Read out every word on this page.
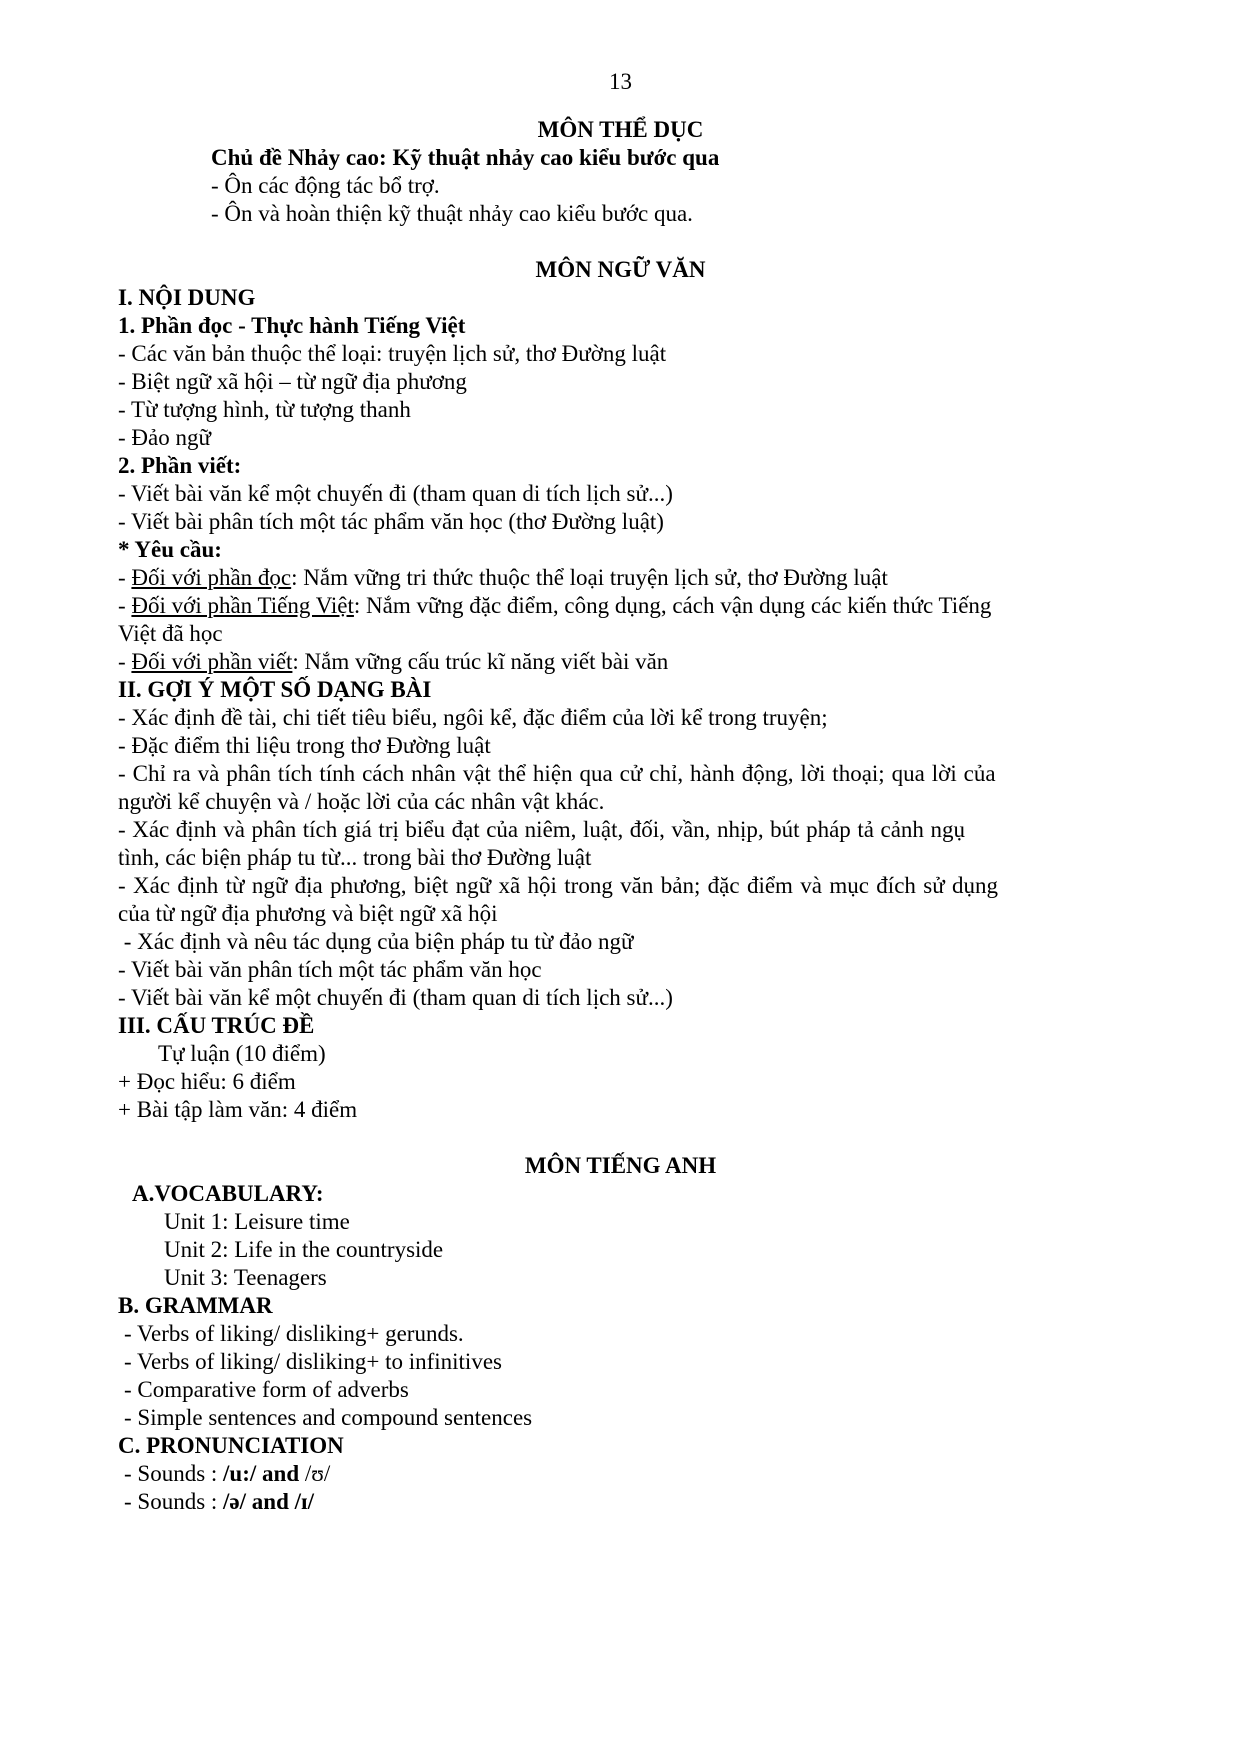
13
MÔN THỂ DỤC
Chủ đề Nhảy cao: Kỹ thuật nhảy cao kiểu bước qua
- Ôn các động tác bổ trợ.
- Ôn và hoàn thiện kỹ thuật nhảy cao kiểu bước qua.
MÔN NGỮ VĂN
I. NỘI DUNG
1. Phần đọc - Thực hành Tiếng Việt
- Các văn bản thuộc thể loại: truyện lịch sử, thơ Đường luật
- Biệt ngữ xã hội – từ ngữ địa phương
- Từ tượng hình, từ tượng thanh
- Đảo ngữ
2. Phần viết:
- Viết bài văn kể một chuyến đi (tham quan di tích lịch sử...)
- Viết bài phân tích một tác phẩm văn học (thơ Đường luật)
* Yêu cầu:
- Đối với phần đọc: Nắm vững tri thức thuộc thể loại truyện lịch sử, thơ Đường luật
- Đối với phần Tiếng Việt: Nắm vững đặc điểm, công dụng, cách vận dụng các kiến thức Tiếng
Việt đã học
- Đối với phần viết: Nắm vững cấu trúc kĩ năng viết bài văn
II. GỢI Ý MỘT SỐ DẠNG BÀI
- Xác định đề tài, chi tiết tiêu biểu, ngôi kể, đặc điểm của lời kể trong truyện;
- Đặc điểm thi liệu trong thơ Đường luật
- Chỉ ra và phân tích tính cách nhân vật thể hiện qua cử chỉ, hành động, lời thoại; qua lời của
người kể chuyện và / hoặc lời của các nhân vật khác.
- Xác định và phân tích giá trị biểu đạt của niêm, luật, đối, vần, nhịp, bút pháp tả cảnh ngụ
tình, các biện pháp tu từ... trong bài thơ Đường luật
- Xác định từ ngữ địa phương, biệt ngữ xã hội trong văn bản; đặc điểm và mục đích sử dụng
của từ ngữ địa phương và biệt ngữ xã hội
- Xác định và nêu tác dụng của biện pháp tu từ đảo ngữ
- Viết bài văn phân tích một tác phẩm văn học
- Viết bài văn kể một chuyến đi (tham quan di tích lịch sử...)
III. CẤU TRÚC ĐỀ
Tự luận (10 điểm)
+ Đọc hiểu: 6 điểm
+ Bài tập làm văn: 4 điểm
MÔN TIẾNG ANH
A.VOCABULARY:
Unit 1: Leisure time
Unit 2: Life in the countryside
Unit 3: Teenagers
B. GRAMMAR
- Verbs of liking/ disliking+ gerunds.
- Verbs of liking/ disliking+ to infinitives
- Comparative form of adverbs
- Simple sentences and compound sentences
C. PRONUNCIATION
- Sounds : /u:/ and /ʊ/
- Sounds : /ə/ and /ɪ/
